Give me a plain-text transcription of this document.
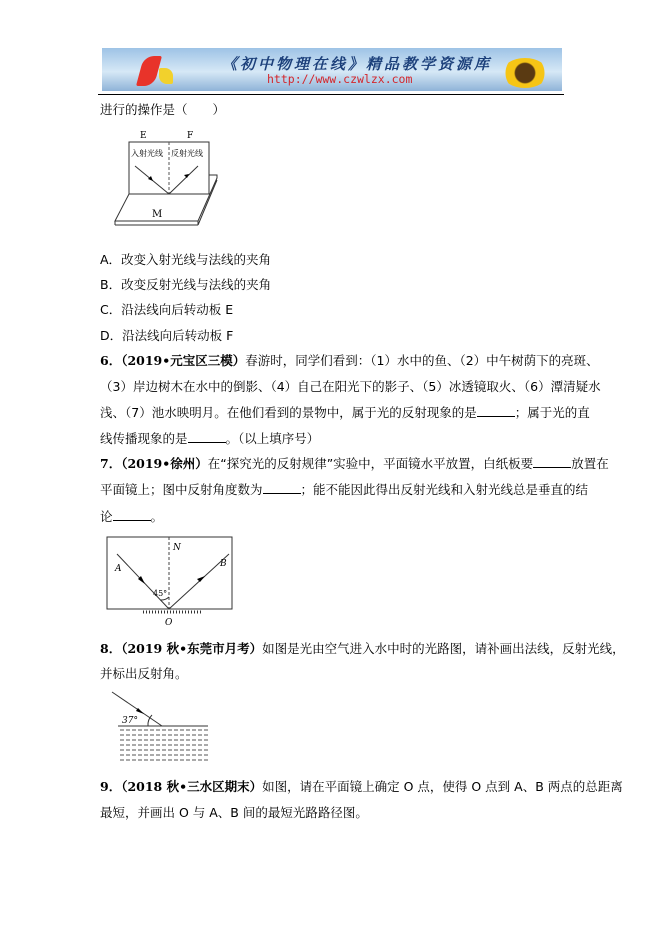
《初中物理在线》精品教学资源库
http://www.czwlzx.com
进行的操作是（　　）
E	F
入射光线 反射光线
M
A．改变入射光线与法线的夹角
B．改变反射光线与法线的夹角
C．沿法线向后转动板 E
D．沿法线向后转动板 F
6．（2019•元宝区三模）春游时，同学们看到：（1）水中的鱼、（2）中午树荫下的亮斑、
（3）岸边树木在水中的倒影、（4）自己在阳光下的影子、（5）冰透镜取火、（6）潭清疑水
浅、（7）池水映明月。在他们看到的景物中，属于光的反射现象的是	；属于光的直
线传播现象的是	。（以上填序号）
7．（2019•徐州）在“探究光的反射规律”实验中，平面镜水平放置，白纸板要	放置在
平面镜上；图中反射角度数为	；能不能因此得出反射光线和入射光线总是垂直的结
论	。
N
A	B
45°
O
8．（2019 秋•东莞市月考）如图是光由空气进入水中时的光路图，请补画出法线，反射光线，
并标出反射角。
37°
9．（2018 秋•三水区期末）如图，请在平面镜上确定 O 点，使得 O 点到 A、B 两点的总距离
最短，并画出 O 与 A、B 间的最短光路路径图。
